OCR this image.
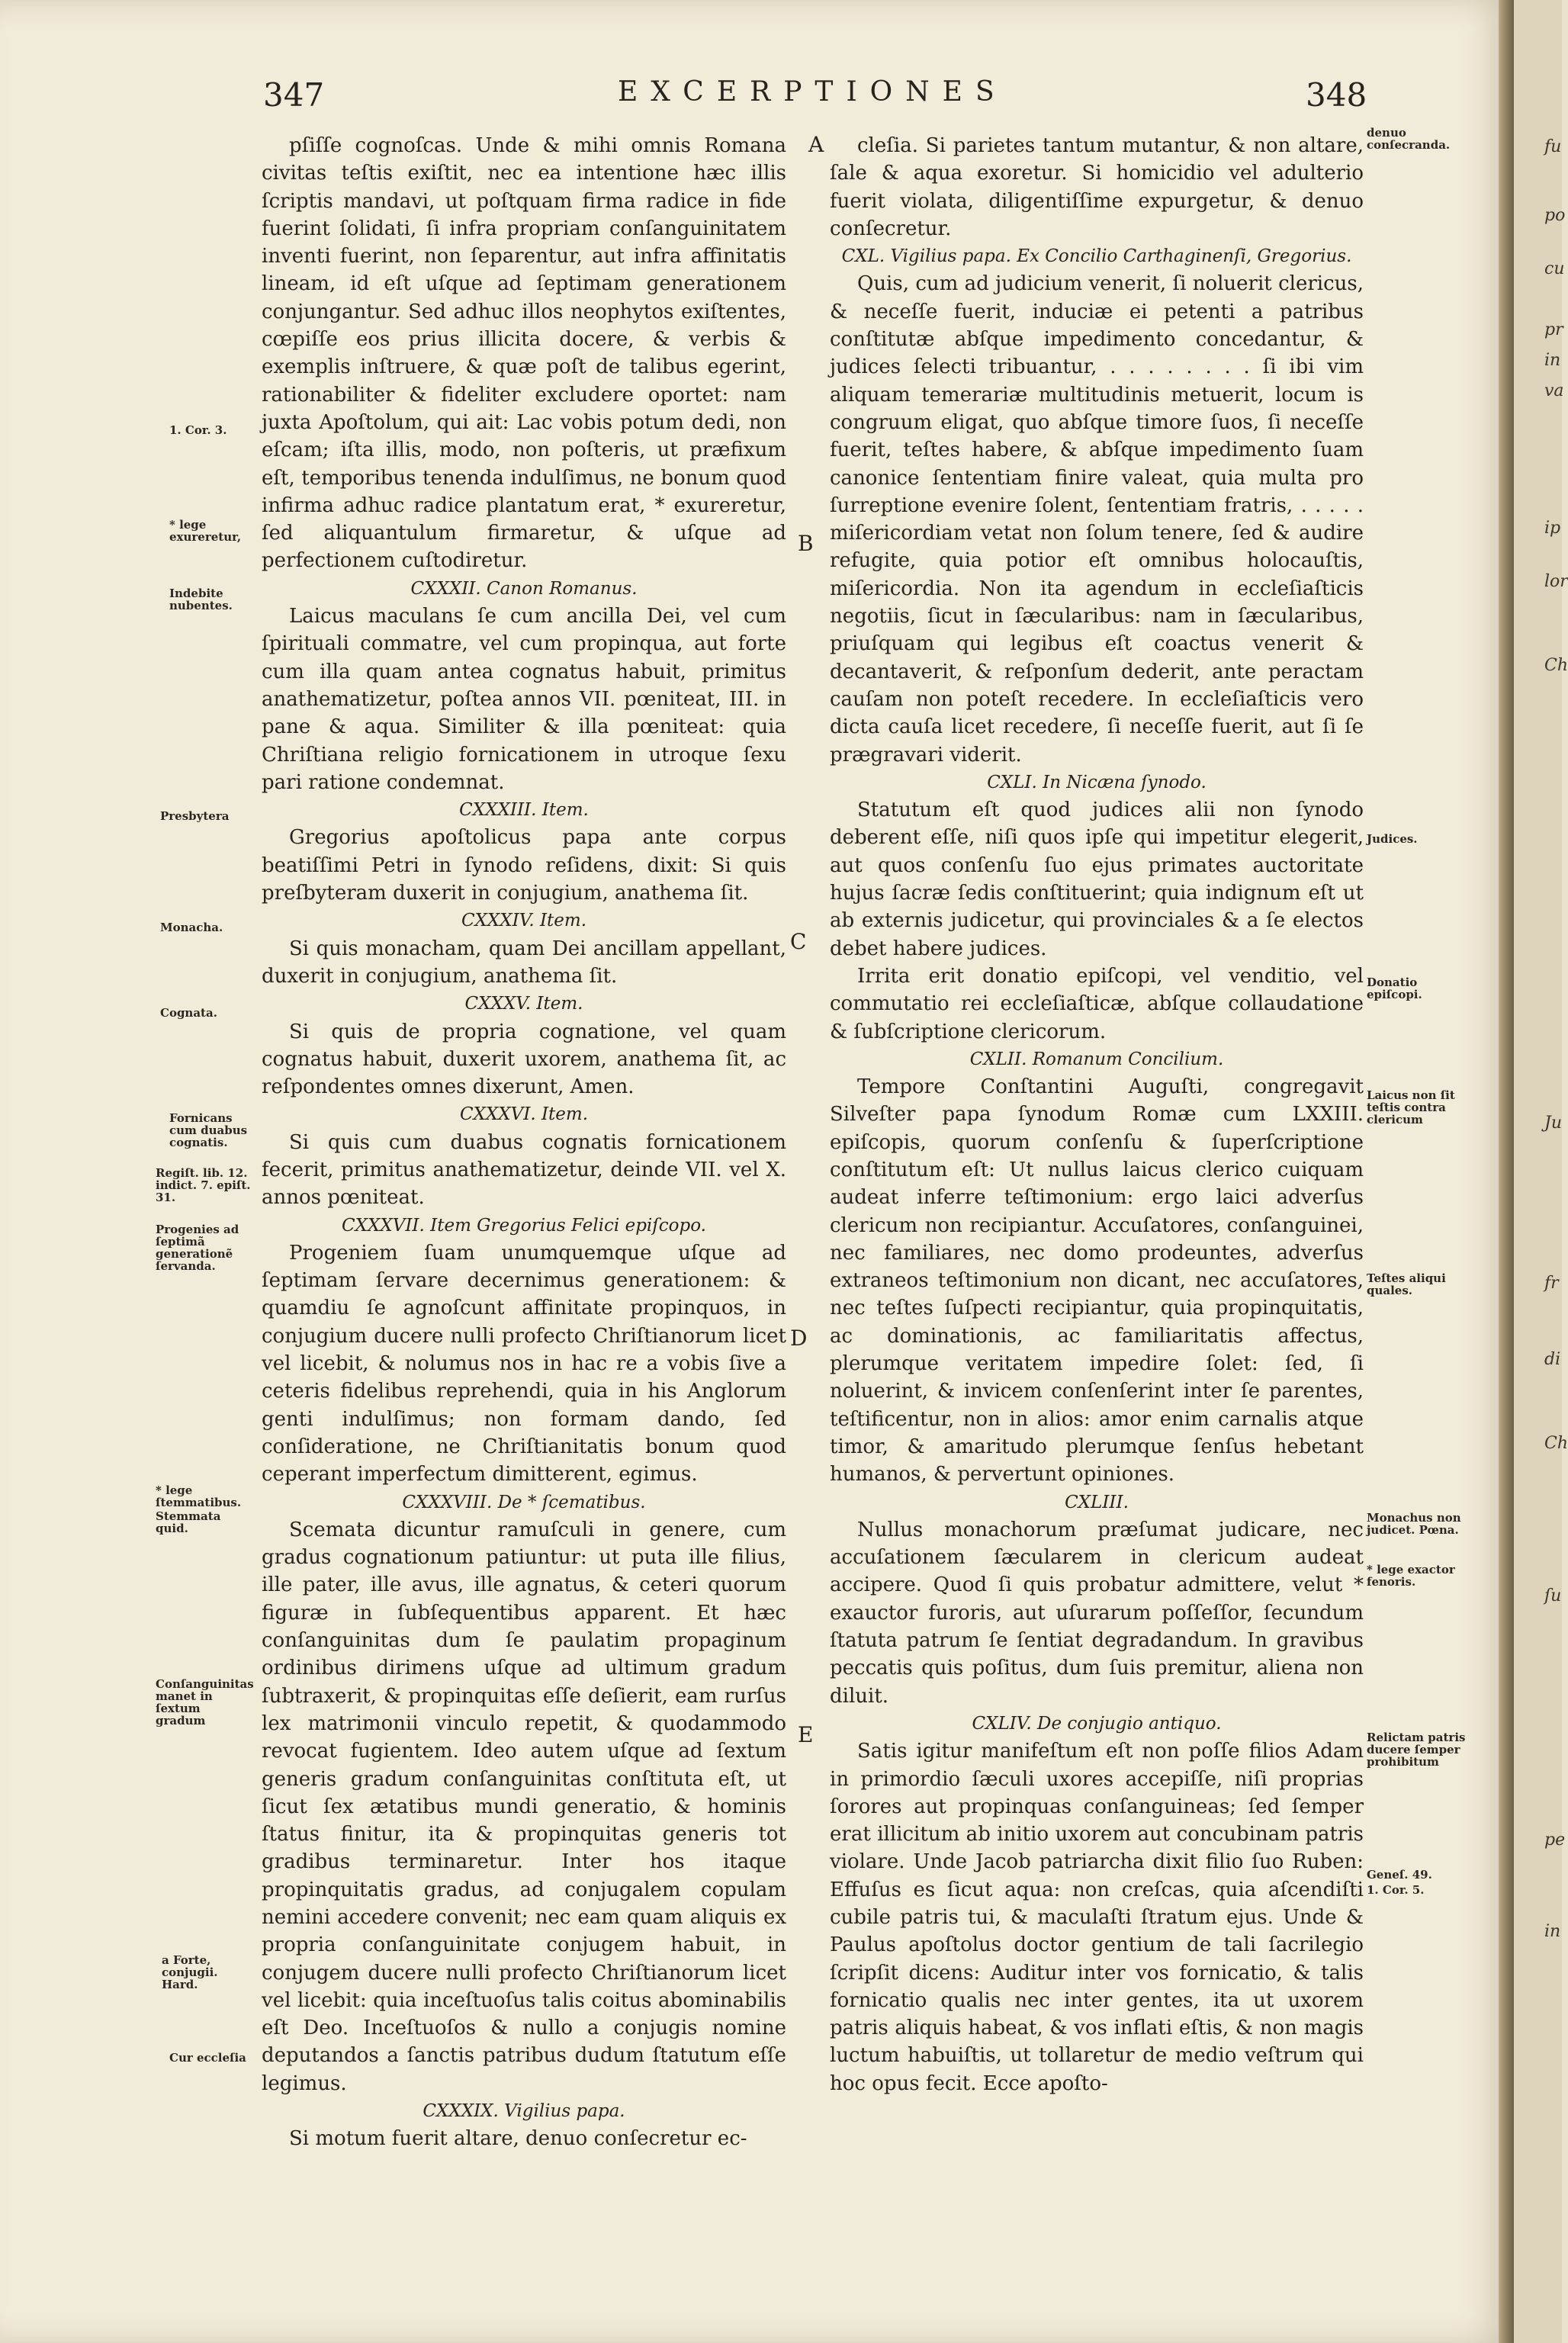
347	EXCERPTIONES	348

pſiſſe cognoſcas. Unde & mihi omnis Romana civitas teſtis exiſtit, nec ea intentione hæc illis ſcriptis mandavi, ut poſtquam firma radice in fide fuerint ſolidati, ſi infra propriam conſanguinitatem inventi fuerint, non ſeparentur, aut infra affinitatis lineam, id eſt uſque ad ſeptimam generationem conjungantur. Sed adhuc illos neophytos exiſtentes, cœpiſſe eos prius illicita docere, & verbis & exemplis inſtruere, & quæ poſt de talibus egerint, rationabiliter & fideliter excludere oportet: nam juxta Apoſtolum, qui ait: Lac vobis potum dedi, non eſcam; iſta illis, modo, non poſteris, ut præfixum eſt, temporibus tenenda indulſimus, ne bonum quod infirma adhuc radice plantatum erat, * exureretur, ſed aliquantulum firmaretur, & uſque ad perfectionem cuſtodiretur.

CXXXII. Canon Romanus.

Laicus maculans ſe cum ancilla Dei, vel cum ſpirituali commatre, vel cum propinqua, aut forte cum illa quam antea cognatus habuit, primitus anathematizetur, poſtea annos VII. pœniteat, III. in pane & aqua. Similiter & illa pœniteat: quia Chriſtiana religio fornicationem in utroque ſexu pari ratione condemnat.

CXXXIII. Item.

Gregorius apoſtolicus papa ante corpus beatiſſimi Petri in ſynodo reſidens, dixit: Si quis preſbyteram duxerit in conjugium, anathema ſit.

CXXXIV. Item.

Si quis monacham, quam Dei ancillam appellant, duxerit in conjugium, anathema ſit.

CXXXV. Item.

Si quis de propria cognatione, vel quam cognatus habuit, duxerit uxorem, anathema ſit, ac reſpondentes omnes dixerunt, Amen.

CXXXVI. Item.

Si quis cum duabus cognatis fornicationem fecerit, primitus anathematizetur, deinde VII. vel X. annos pœniteat.

CXXXVII. Item Gregorius Felici epiſcopo.

Progeniem ſuam unumquemque uſque ad ſeptimam ſervare decernimus generationem: & quamdiu ſe agnoſcunt affinitate propinquos, in conjugium ducere nulli profecto Chriſtianorum licet vel licebit, & nolumus nos in hac re a vobis ſive a ceteris fidelibus reprehendi, quia in his Anglorum genti indulſimus; non formam dando, ſed conſideratione, ne Chriſtianitatis bonum quod ceperant imperfectum dimitterent, egimus.

CXXXVIII. De * ſcematibus.

Scemata dicuntur ramuſculi in genere, cum gradus cognationum patiuntur: ut puta ille filius, ille pater, ille avus, ille agnatus, & ceteri quorum figuræ in ſubſequentibus apparent. Et hæc conſanguinitas dum ſe paulatim propaginum ordinibus dirimens uſque ad ultimum gradum ſubtraxerit, & propinquitas eſſe deſierit, eam rurſus lex matrimonii vinculo repetit, & quodammodo revocat fugientem. Ideo autem uſque ad ſextum generis gradum conſanguinitas conſtituta eſt, ut ſicut ſex ætatibus mundi generatio, & hominis ſtatus finitur, ita & propinquitas generis tot gradibus terminaretur. Inter hos itaque propinquitatis gradus, ad conjugalem copulam nemini accedere convenit; nec eam quam aliquis ex propria conſanguinitate conjugem habuit, in conjugem ducere nulli profecto Chriſtianorum licet vel licebit: quia inceſtuoſus talis coitus abominabilis eſt Deo. Inceſtuoſos & nullo a conjugis nomine deputandos a ſanctis patribus dudum ſtatutum eſſe legimus.

CXXXIX. Vigilius papa.

Si motum fuerit altare, denuo conſecretur ec-

cleſia. Si parietes tantum mutantur, & non altare, ſale & aqua exoretur. Si homicidio vel adulterio fuerit violata, diligentiſſime expurgetur, & denuo conſecretur.

CXL. Vigilius papa. Ex Concilio Carthaginenſi, Gregorius.

Quis, cum ad judicium venerit, ſi noluerit clericus, & neceſſe fuerit, induciæ ei petenti a patribus conſtitutæ abſque impedimento concedantur, & judices ſelecti tribuantur, . . . . . . . . ſi ibi vim aliquam temerariæ multitudinis metuerit, locum is congruum eligat, quo abſque timore ſuos, ſi neceſſe fuerit, teſtes habere, & abſque impedimento ſuam canonice ſententiam finire valeat, quia multa pro ſurreptione evenire ſolent, ſententiam fratris, . . . . . miſericordiam vetat non ſolum tenere, ſed & audire refugite, quia potior eſt omnibus holocauſtis, miſericordia. Non ita agendum in eccleſiaſticis negotiis, ſicut in ſæcularibus: nam in ſæcularibus, priuſquam qui legibus eſt coactus venerit & decantaverit, & reſponſum dederit, ante peractam cauſam non poteſt recedere. In eccleſiaſticis vero dicta cauſa licet recedere, ſi neceſſe fuerit, aut ſi ſe prægravari viderit.

CXLI. In Nicæna ſynodo.

Statutum eſt quod judices alii non ſynodo deberent eſſe, niſi quos ipſe qui impetitur elegerit, aut quos conſenſu ſuo ejus primates auctoritate hujus ſacræ ſedis conſtituerint; quia indignum eſt ut ab externis judicetur, qui provinciales & a ſe electos debet habere judices.

Irrita erit donatio epiſcopi, vel venditio, vel commutatio rei eccleſiaſticæ, abſque collaudatione & ſubſcriptione clericorum.

CXLII. Romanum Concilium.

Tempore Conſtantini Auguſti, congregavit Silveſter papa ſynodum Romæ cum LXXIII. epiſcopis, quorum conſenſu & ſuperſcriptione conſtitutum eſt: Ut nullus laicus clerico cuiquam audeat inferre teſtimonium: ergo laici adverſus clericum non recipiantur. Accuſatores, conſanguinei, nec familiares, nec domo prodeuntes, adverſus extraneos teſtimonium non dicant, nec accuſatores, nec teſtes ſuſpecti recipiantur, quia propinquitatis, ac dominationis, ac familiaritatis affectus, plerumque veritatem impedire ſolet: ſed, ſi noluerint, & invicem conſenſerint inter ſe parentes, teſtificentur, non in alios: amor enim carnalis atque timor, & amaritudo plerumque ſenſus hebetant humanos, & pervertunt opiniones.

CXLIII.

Nullus monachorum præſumat judicare, nec accuſationem ſæcularem in clericum audeat accipere. Quod ſi quis probatur admittere, velut * exauctor furoris, aut uſurarum poſſeſſor, ſecundum ſtatuta patrum ſe ſentiat degradandum. In gravibus peccatis quis poſitus, dum ſuis premitur, aliena non diluit.

CXLIV. De conjugio antiquo.

Satis igitur manifeſtum eſt non poſſe filios Adam in primordio ſæculi uxores accepiſſe, niſi proprias ſorores aut propinquas conſanguineas; ſed ſemper erat illicitum ab initio uxorem aut concubinam patris violare. Unde Jacob patriarcha dixit filio ſuo Ruben: Effuſus es ſicut aqua: non creſcas, quia aſcendiſti cubile patris tui, & maculaſti ſtratum ejus. Unde & Paulus apoſtolus doctor gentium de tali ſacrilegio ſcripſit dicens: Auditur inter vos fornicatio, & talis fornicatio qualis nec inter gentes, ita ut uxorem patris aliquis habeat, & vos inflati eſtis, & non magis luctum habuiſtis, ut tollaretur de medio veſtrum qui hoc opus fecit. Ecce apoſto-

A
B
C
D
E
1. Cor. 3.
* lege exureretur,
Indebite nubentes.
Presbytera
Monacha.
Cognata.
Fornicans cum duabus cognatis.
Regiſt. lib. 12. indict. 7. epiſt. 31.
Progenies ad ſeptimã generationẽ ſervanda.
* lege ſtemmatibus.
Stemmata quid.
Conſanguinitas manet in ſextum gradum
a Forte, conjugii. Hard.
Cur eccleſia
denuo conſecranda.
Judices.
Donatio epiſcopi.
Laicus non ſit teſtis contra clericum
Teſtes aliqui quales.
Monachus non judicet. Pœna.
* lege exactor fenoris.
Relictam patris ducere ſemper prohibitum
Geneſ. 49.
1. Cor. 5.
fu
po
cu
pr
in
va
ip
lor
Ch
Ju
fr
di
Ch
ſu
pe
in
